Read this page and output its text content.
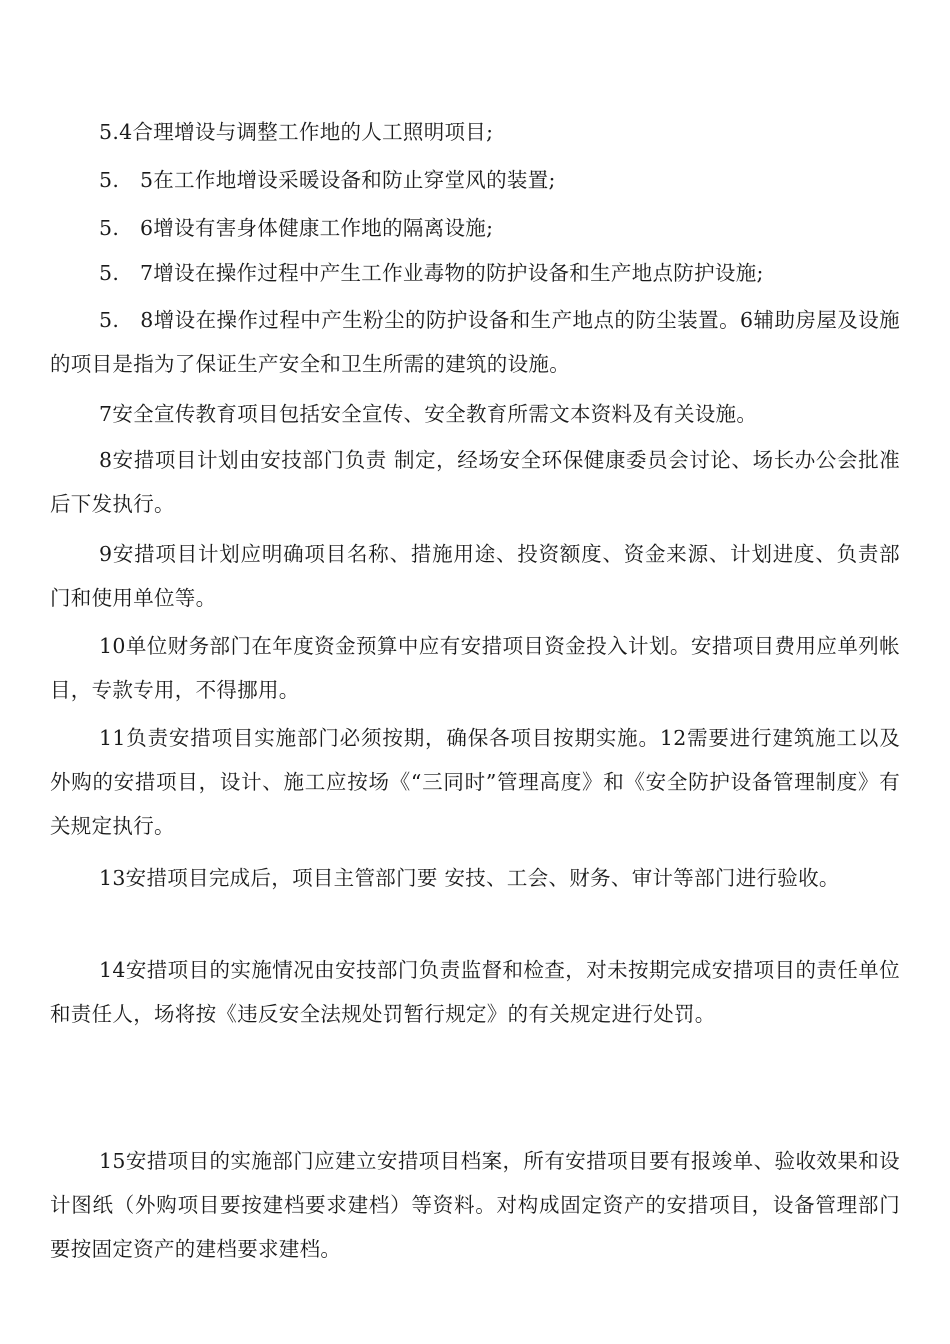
5.4合理增设与调整工作地的人工照明项目;

5.　5在工作地增设采暖设备和防止穿堂风的装置;

5.　6增设有害身体健康工作地的隔离设施;

5.　7增设在操作过程中产生工作业毒物的防护设备和生产地点防护设施;

5.　8增设在操作过程中产生粉尘的防护设备和生产地点的防尘装置。6辅助房屋及设施的项目是指为了保证生产安全和卫生所需的建筑的设施。

7安全宣传教育项目包括安全宣传、安全教育所需文本资料及有关设施。

8安措项目计划由安技部门负责 制定，经场安全环保健康委员会讨论、场长办公会批准后下发执行。

9安措项目计划应明确项目名称、措施用途、投资额度、资金来源、计划进度、负责部门和使用单位等。

10单位财务部门在年度资金预算中应有安措项目资金投入计划。安措项目费用应单列帐目，专款专用，不得挪用。

11负责安措项目实施部门必须按期，确保各项目按期实施。12需要进行建筑施工以及外购的安措项目，设计、施工应按场《“三同时”管理高度》和《安全防护设备管理制度》有关规定执行。

13安措项目完成后，项目主管部门要 安技、工会、财务、审计等部门进行验收。

14安措项目的实施情况由安技部门负责监督和检查，对未按期完成安措项目的责任单位和责任人，场将按《违反安全法规处罚暂行规定》的有关规定进行处罚。

15安措项目的实施部门应建立安措项目档案，所有安措项目要有报竣单、验收效果和设计图纸（外购项目要按建档要求建档）等资料。对构成固定资产的安措项目，设备管理部门要按固定资产的建档要求建档。
